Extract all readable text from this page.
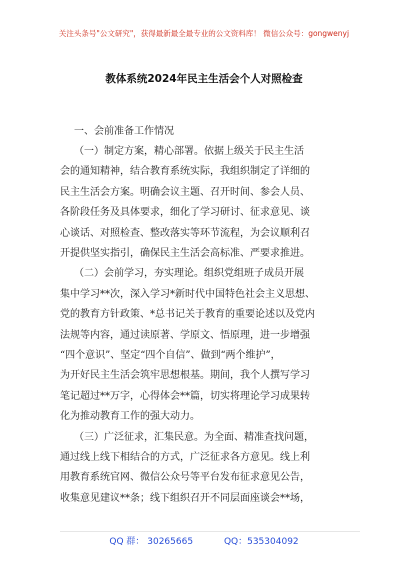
关注头条号"公文研究"，获得最新最全最专业的公文资料库！ 微信公众号：gongwenyj
教体系统2024年民主生活会个人对照检查
一、会前准备工作情况
（一）制定方案，精心部署。依据上级关于民主生活
会的通知精神，结合教育系统实际，我组织制定了详细的
民主生活会方案。明确会议主题、召开时间、参会人员、
各阶段任务及具体要求，细化了学习研讨、征求意见、谈
心谈话、对照检查、整改落实等环节流程，为会议顺利召
开提供坚实指引，确保民主生活会高标准、严要求推进。
（二）会前学习，夯实理论。组织党组班子成员开展
集中学习**次，深入学习*新时代中国特色社会主义思想、
党的教育方针政策、*总书记关于教育的重要论述以及党内
法规等内容，通过读原著、学原文、悟原理，进一步增强
“四个意识”、坚定“四个自信”、做到“两个维护”，
为开好民主生活会筑牢思想根基。期间，我个人撰写学习
笔记超过**万字，心得体会**篇，切实将理论学习成果转
化为推动教育工作的强大动力。
（三）广泛征求，汇集民意。为全面、精准查找问题，
通过线上线下相结合的方式，广泛征求各方意见。线上利
用教育系统官网、微信公众号等平台发布征求意见公告，
收集意见建议**条；线下组织召开不同层面座谈会**场，
QQ 群： 30265665	QQ：535304092
